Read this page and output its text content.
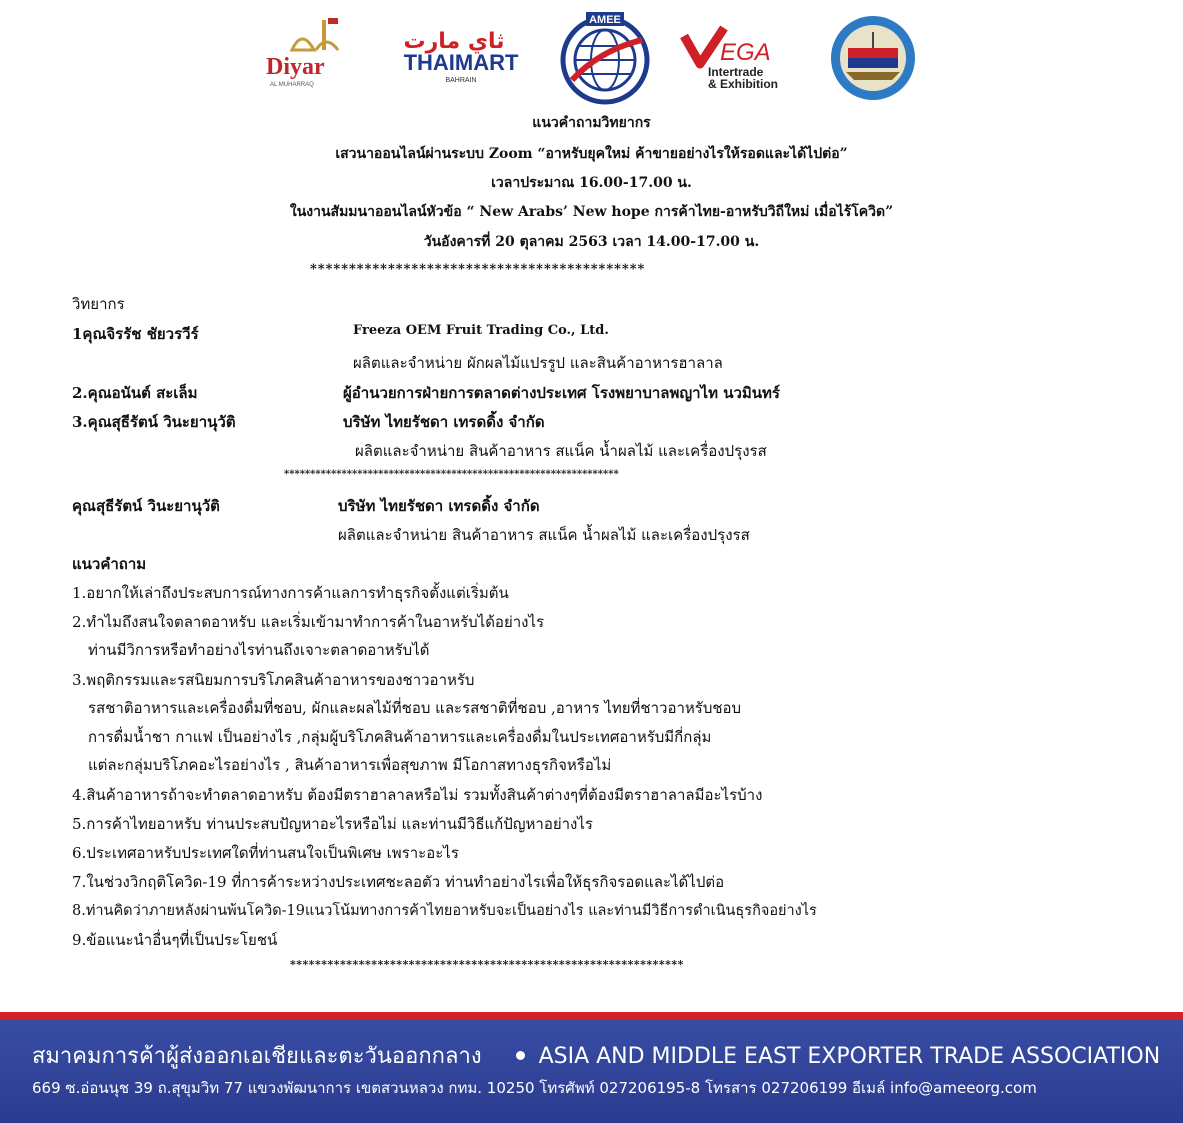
Diyar
AL MUHARRAQ
ثاي مارت
THAIMART
BAHRAIN
AMEE
EGA
Intertrade
& Exhibition
แนวคำถามวิทยากร
เสวนาออนไลน์ผ่านระบบ Zoom “อาหรับยุคใหม่ ค้าขายอย่างไรให้รอดและได้ไปต่อ”
เวลาประมาณ 16.00-17.00 น.
ในงานสัมมนาออนไลน์หัวข้อ “ New Arabs’ New hope การค้าไทย-อาหรับวิถีใหม่ เมื่อไร้โควิด”
วันอังคารที่ 20 ตุลาคม 2563 เวลา 14.00-17.00 น.
*******************************************
วิทยากร
1คุณจิรรัช ชัยวรวีร์	Freeza OEM Fruit Trading Co., Ltd.
ผลิตและจำหน่าย ผักผลไม้แปรรูป และสินค้าอาหารฮาลาล
2.คุณอนันต์ สะเล็ม	ผู้อำนวยการฝ่ายการตลาดต่างประเทศ โรงพยาบาลพญาไท นวมินทร์
3.คุณสุธีรัตน์ วินะยานุวัติ	บริษัท ไทยรัชดา เทรดดิ้ง จำกัด
ผลิตและจำหน่าย สินค้าอาหาร สแน็ค น้ำผลไม้ และเครื่องปรุงรส
****************************************************************
คุณสุธีรัตน์ วินะยานุวัติ	บริษัท ไทยรัชดา เทรดดิ้ง จำกัด
ผลิตและจำหน่าย สินค้าอาหาร สแน็ค น้ำผลไม้ และเครื่องปรุงรส
แนวคำถาม
1.อยากให้เล่าถึงประสบการณ์ทางการค้าแลการทำธุรกิจตั้งแต่เริ่มต้น
2.ทำไมถึงสนใจตลาดอาหรับ และเริ่มเข้ามาทำการค้าในอาหรับได้อย่างไร
ท่านมีวิการหรือทำอย่างไรท่านถึงเจาะตลาดอาหรับได้
3.พฤติกรรมและรสนิยมการบริโภคสินค้าอาหารของชาวอาหรับ
รสชาติอาหารและเครื่องดื่มที่ชอบ, ผักและผลไม้ที่ชอบ และรสชาติที่ชอบ ,อาหาร ไทยที่ชาวอาหรับชอบ
การดื่มน้ำชา กาแฟ เป็นอย่างไร ,กลุ่มผู้บริโภคสินค้าอาหารและเครื่องดื่มในประเทศอาหรับมีกี่กลุ่ม
แต่ละกลุ่มบริโภคอะไรอย่างไร , สินค้าอาหารเพื่อสุขภาพ มีโอกาสทางธุรกิจหรือไม่
4.สินค้าอาหารถ้าจะทำตลาดอาหรับ ต้องมีตราฮาลาลหรือไม่ รวมทั้งสินค้าต่างๆที่ต้องมีตราฮาลาลมีอะไรบ้าง
5.การค้าไทยอาหรับ ท่านประสบปัญหาอะไรหรือไม่ และท่านมีวิธีแก้ปัญหาอย่างไร
6.ประเทศอาหรับประเทศใดที่ท่านสนใจเป็นพิเศษ เพราะอะไร
7.ในช่วงวิกฤติโควิด-19 ที่การค้าระหว่างประเทศชะลอตัว ท่านทำอย่างไรเพื่อให้ธุรกิจรอดและได้ไปต่อ
8.ท่านคิดว่าภายหลังผ่านพ้นโควิด-19แนวโน้มทางการค้าไทยอาหรับจะเป็นอย่างไร และท่านมีวิธีการดำเนินธุรกิจอย่างไร
9.ข้อแนะนำอื่นๆที่เป็นประโยชน์
***************************************************************
สมาคมการค้าผู้ส่งออกเอเชียและตะวันออกกลาง	ASIA AND MIDDLE EAST EXPORTER TRADE ASSOCIATION
669 ซ.อ่อนนุช 39 ถ.สุขุมวิท 77 แขวงพัฒนาการ เขตสวนหลวง กทม. 10250 โทรศัพท์ 027206195-8 โทรสาร 027206199 อีเมล์ info@ameeorg.com
